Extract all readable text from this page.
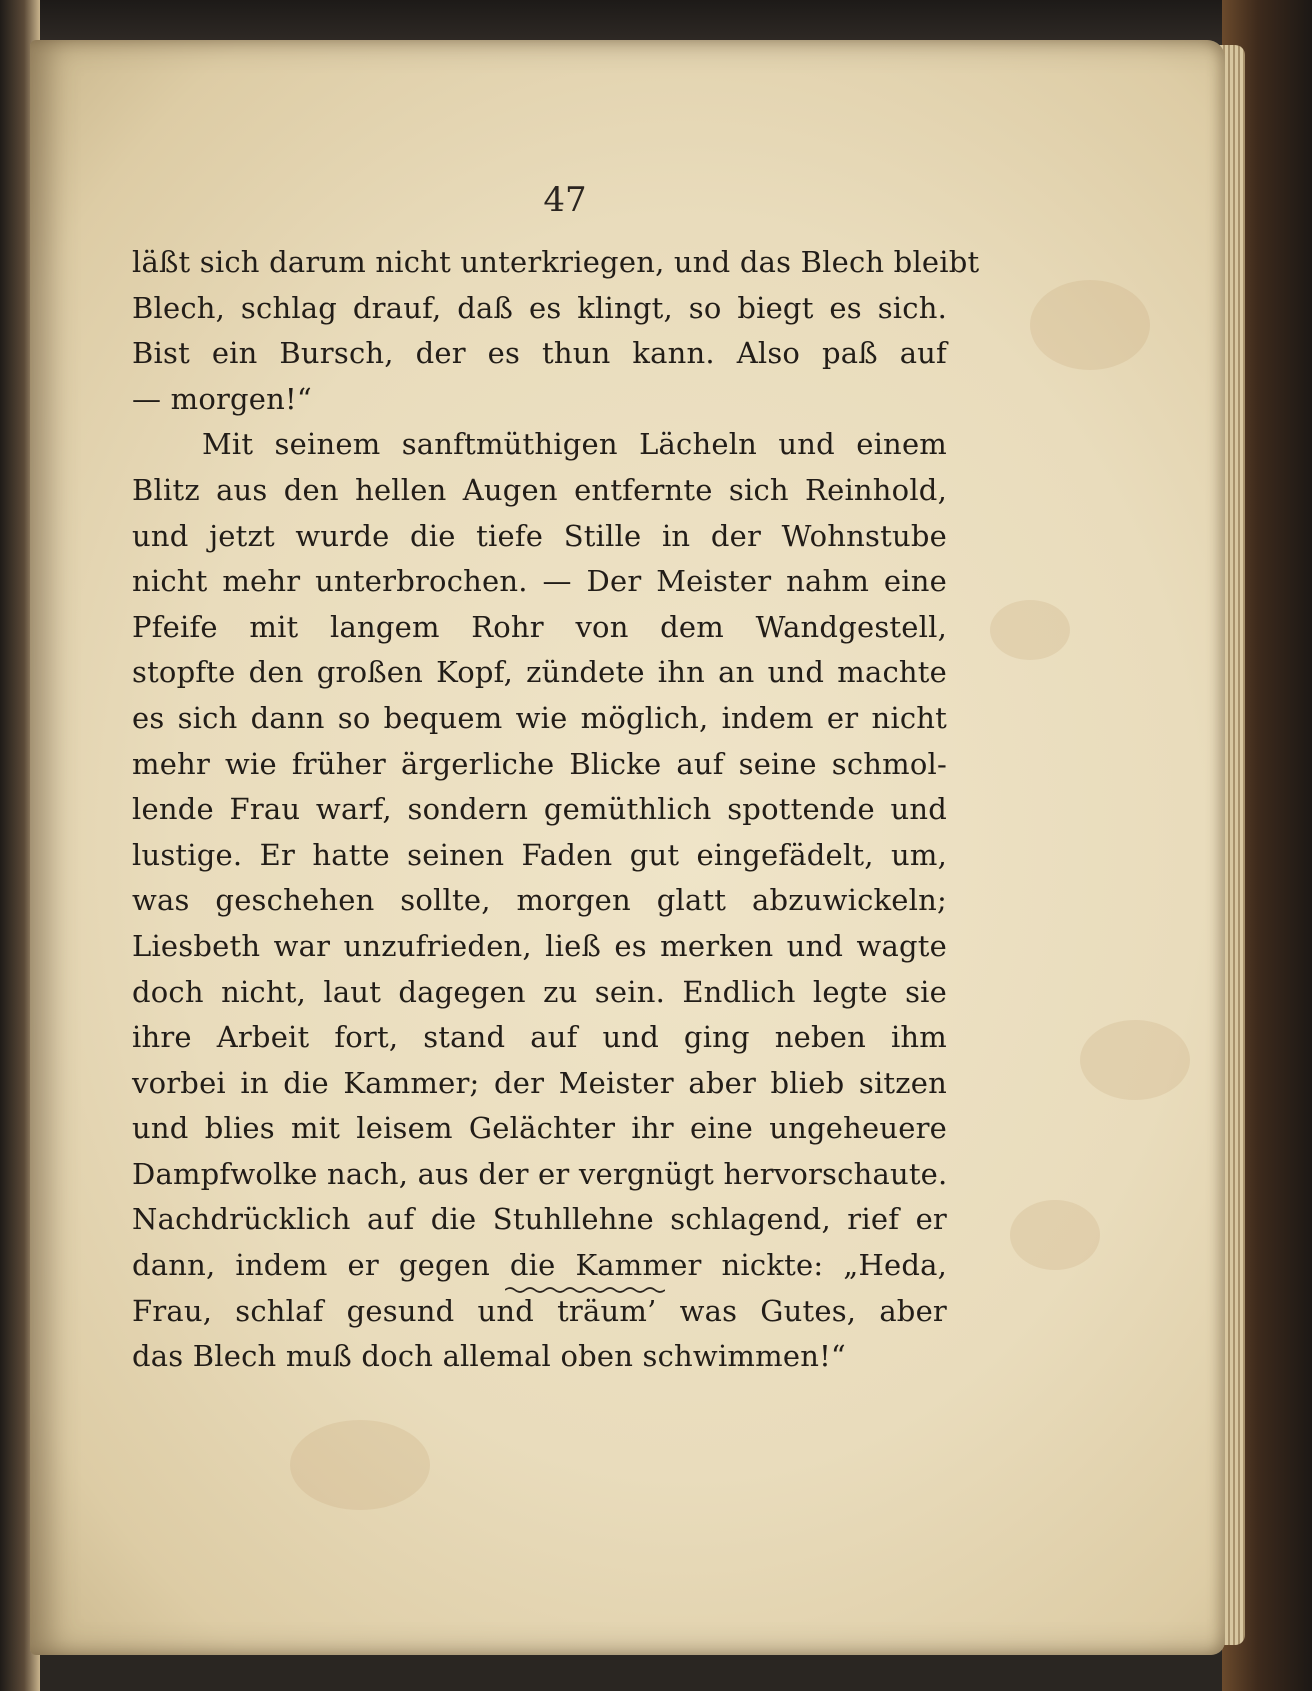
47
läßt sich darum nicht unterkriegen, und das Blech bleibt
Blech, schlag drauf, daß es klingt, so biegt es sich.
Bist ein Bursch, der es thun kann. Also paß auf
— morgen!“
Mit seinem sanftmüthigen Lächeln und einem
Blitz aus den hellen Augen entfernte sich Reinhold,
und jetzt wurde die tiefe Stille in der Wohnstube
nicht mehr unterbrochen. — Der Meister nahm eine
Pfeife mit langem Rohr von dem Wandgestell,
stopfte den großen Kopf, zündete ihn an und machte
es sich dann so bequem wie möglich, indem er nicht
mehr wie früher ärgerliche Blicke auf seine schmol-
lende Frau warf, sondern gemüthlich spottende und
lustige. Er hatte seinen Faden gut eingefädelt, um,
was geschehen sollte, morgen glatt abzuwickeln;
Liesbeth war unzufrieden, ließ es merken und wagte
doch nicht, laut dagegen zu sein. Endlich legte sie
ihre Arbeit fort, stand auf und ging neben ihm
vorbei in die Kammer; der Meister aber blieb sitzen
und blies mit leisem Gelächter ihr eine ungeheuere
Dampfwolke nach, aus der er vergnügt hervorschaute.
Nachdrücklich auf die Stuhllehne schlagend, rief er
dann, indem er gegen die Kammer nickte: „Heda,
Frau, schlaf gesund und träum’ was Gutes, aber
das Blech muß doch allemal oben schwimmen!“
